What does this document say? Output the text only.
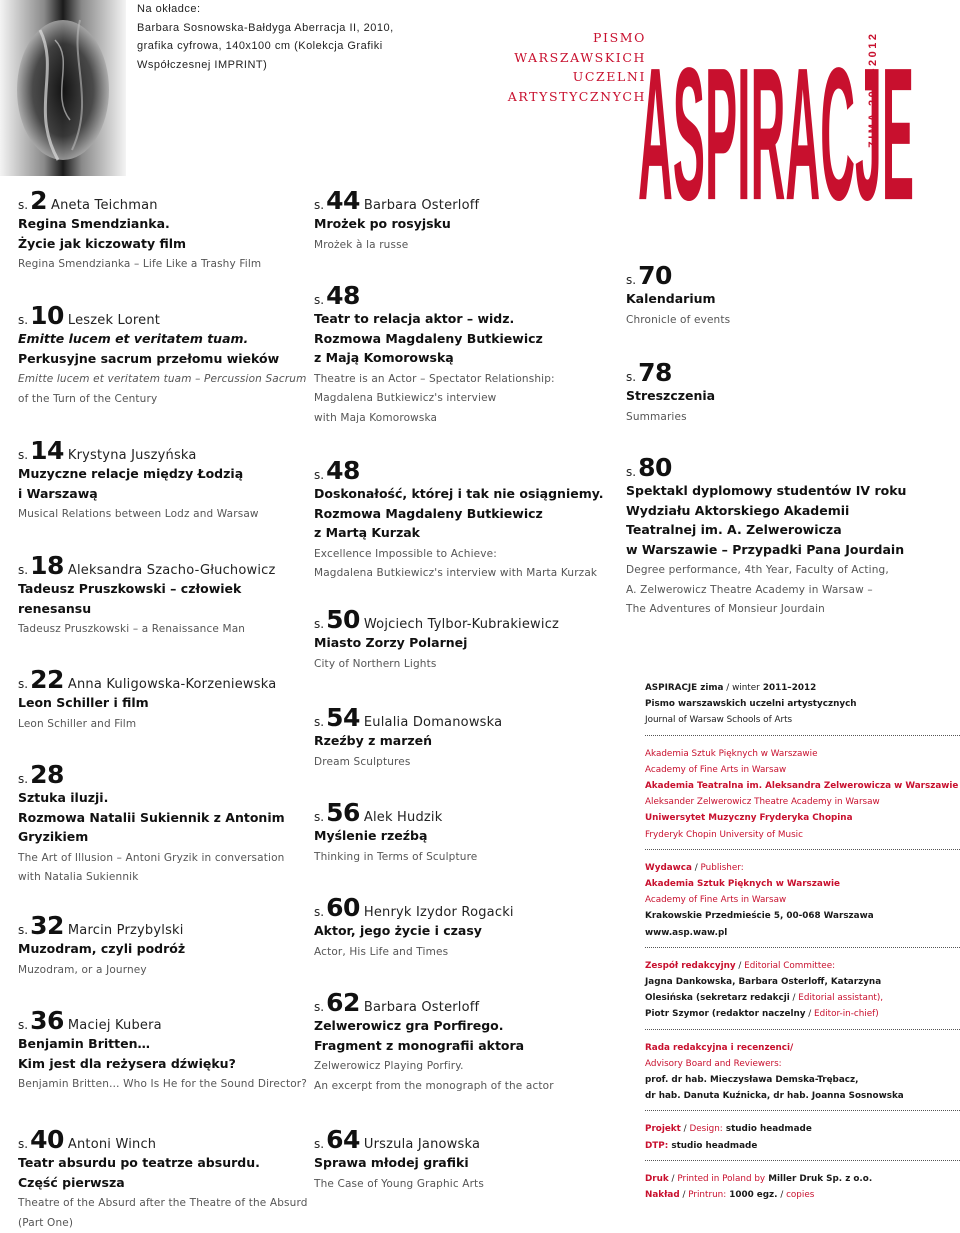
Na okładce:
Barbara Sosnowska-Bałdyga Aberracja II, 2010,
grafika cyfrowa, 140x100 cm (Kolekcja Grafiki
Współczesnej IMPRINT)
PISMO
WARSZAWSKICH
UCZELNI
ARTYSTYCZNYCH
ASPIRACJE
ZIMA 2011-2012
s.2 Aneta Teichman
Regina Smendzianka.
Życie jak kiczowaty film
Regina Smendzianka – Life Like a Trashy Film
s.10 Leszek Lorent
Emitte lucem et veritatem tuam.
Perkusyjne sacrum przełomu wieków
Emitte lucem et veritatem tuam – Percussion Sacrum
of the Turn of the Century
s.14 Krystyna Juszyńska
Muzyczne relacje między Łodzią
i Warszawą
Musical Relations between Lodz and Warsaw
s.18 Aleksandra Szacho-Głuchowicz
Tadeusz Pruszkowski – człowiek
renesansu
Tadeusz Pruszkowski – a Renaissance Man
s.22 Anna Kuligowska-Korzeniewska
Leon Schiller i film
Leon Schiller and Film
s.28
Sztuka iluzji.
Rozmowa Natalii Sukiennik z Antonim
Gryzikiem
The Art of Illusion – Antoni Gryzik in conversation
with Natalia Sukiennik
s.32 Marcin Przybylski
Muzodram, czyli podróż
Muzodram, or a Journey
s.36 Maciej Kubera
Benjamin Britten…
Kim jest dla reżysera dźwięku?
Benjamin Britten… Who Is He for the Sound Director?
s.40 Antoni Winch
Teatr absurdu po teatrze absurdu.
Część pierwsza
Theatre of the Absurd after the Theatre of the Absurd
(Part One)
s.44 Barbara Osterloff
Mrożek po rosyjsku
Mrożek à la russe
s.48
Teatr to relacja aktor – widz.
Rozmowa Magdaleny Butkiewicz
z Mają Komorowską
Theatre is an Actor – Spectator Relationship:
Magdalena Butkiewicz's interview
with Maja Komorowska
s.48
Doskonałość, której i tak nie osiągniemy.
Rozmowa Magdaleny Butkiewicz
z Martą Kurzak
Excellence Impossible to Achieve:
Magdalena Butkiewicz's interview with Marta Kurzak
s.50 Wojciech Tylbor-Kubrakiewicz
Miasto Zorzy Polarnej
City of Northern Lights
s.54 Eulalia Domanowska
Rzeźby z marzeń
Dream Sculptures
s.56 Alek Hudzik
Myślenie rzeźbą
Thinking in Terms of Sculpture
s.60 Henryk Izydor Rogacki
Aktor, jego życie i czasy
Actor, His Life and Times
s.62 Barbara Osterloff
Zelwerowicz gra Porfirego.
Fragment z monografii aktora
Zelwerowicz Playing Porfiry.
An excerpt from the monograph of the actor
s.64 Urszula Janowska
Sprawa młodej grafiki
The Case of Young Graphic Arts
s.70
Kalendarium
Chronicle of events
s.78
Streszczenia
Summaries
s.80
Spektakl dyplomowy studentów IV roku
Wydziału Aktorskiego Akademii
Teatralnej im. A. Zelwerowicza
w Warszawie – Przypadki Pana Jourdain
Degree performance, 4th Year, Faculty of Acting,
A. Zelwerowicz Theatre Academy in Warsaw –
The Adventures of Monsieur Jourdain
ASPIRACJE zima / winter 2011–2012
Pismo warszawskich uczelni artystycznych
Journal of Warsaw Schools of Arts
Akademia Sztuk Pięknych w Warszawie
Academy of Fine Arts in Warsaw
Akademia Teatralna im. Aleksandra Zelwerowicza w Warszawie
Aleksander Zelwerowicz Theatre Academy in Warsaw
Uniwersytet Muzyczny Fryderyka Chopina
Fryderyk Chopin University of Music
Wydawca / Publisher:
Akademia Sztuk Pięknych w Warszawie
Academy of Fine Arts in Warsaw
Krakowskie Przedmieście 5, 00-068 Warszawa
www.asp.waw.pl
Zespół redakcyjny / Editorial Committee:
Jagna Dankowska, Barbara Osterloff, Katarzyna
Olesińska (sekretarz redakcji / Editorial assistant),
Piotr Szymor (redaktor naczelny / Editor-in-chief)
Rada redakcyjna i recenzenci/
Advisory Board and Reviewers:
prof. dr hab. Mieczysława Demska-Trębacz,
dr hab. Danuta Kuźnicka, dr hab. Joanna Sosnowska
Projekt / Design: studio headmade
DTP: studio headmade
Druk / Printed in Poland by Miller Druk Sp. z o.o.
Nakład / Printrun: 1000 egz. / copies
